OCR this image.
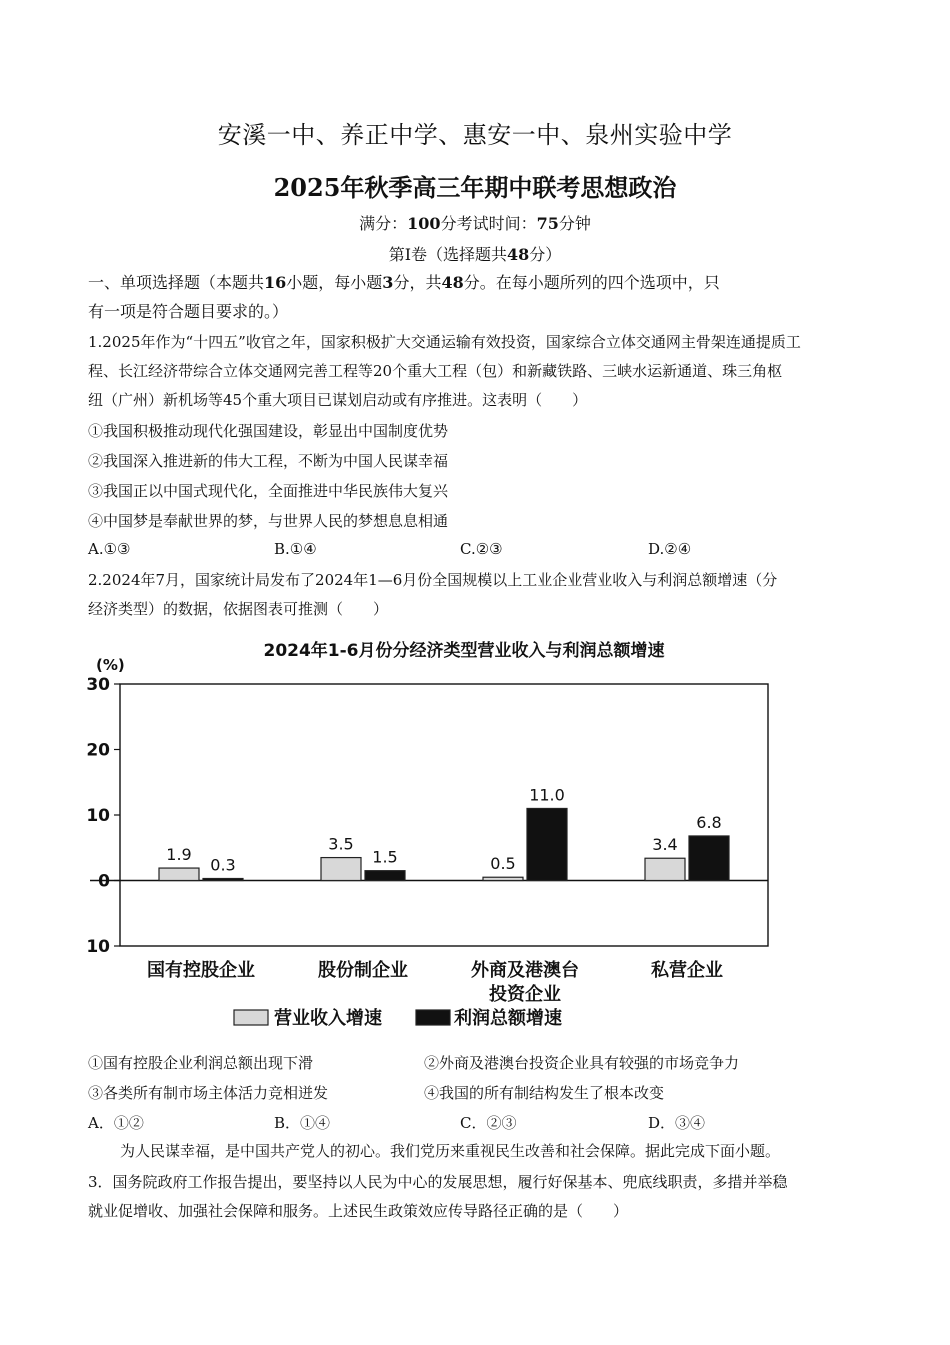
安溪一中、养正中学、惠安一中、泉州实验中学
2025年秋季高三年期中联考思想政治
满分：100分考试时间：75分钟
第Ⅰ卷（选择题共48分）
一、单项选择题（本题共16小题，每小题3分，共48分。在每小题所列的四个选项中，只
有一项是符合题目要求的。）
1.2025年作为“十四五”收官之年，国家积极扩大交通运输有效投资，国家综合立体交通网主骨架连通提质工
程、长江经济带综合立体交通网完善工程等20个重大工程（包）和新藏铁路、三峡水运新通道、珠三角枢
纽（广州）新机场等45个重大项目已谋划启动或有序推进。这表明（　　）
①我国积极推动现代化强国建设，彰显出中国制度优势
②我国深入推进新的伟大工程，不断为中国人民谋幸福
③我国正以中国式现代化，全面推进中华民族伟大复兴
④中国梦是奉献世界的梦，与世界人民的梦想息息相通
A.①③	B.①④	C.②③	D.②④
2.2024年7月，国家统计局发布了2024年1—6月份全国规模以上工业企业营业收入与利润总额增速（分
经济类型）的数据，依据图表可推测（　　）
2024年1-6月份分经济类型营业收入与利润总额增速
(%)
30
20
10
0
10
1.9
0.3
国有控股企业
3.5
1.5
股份制企业
0.5
11.0
外商及港澳台
投资企业
3.4
6.8
私营企业
营业收入增速	利润总额增速
①国有控股企业利润总额出现下滑	②外商及港澳台投资企业具有较强的市场竞争力
③各类所有制市场主体活力竞相迸发	④我国的所有制结构发生了根本改变
A．①②	B．①④	C．②③	D．③④
为人民谋幸福，是中国共产党人的初心。我们党历来重视民生改善和社会保障。据此完成下面小题。
3．国务院政府工作报告提出，要坚持以人民为中心的发展思想，履行好保基本、兜底线职责，多措并举稳
就业促增收、加强社会保障和服务。上述民生政策效应传导路径正确的是（　　）
